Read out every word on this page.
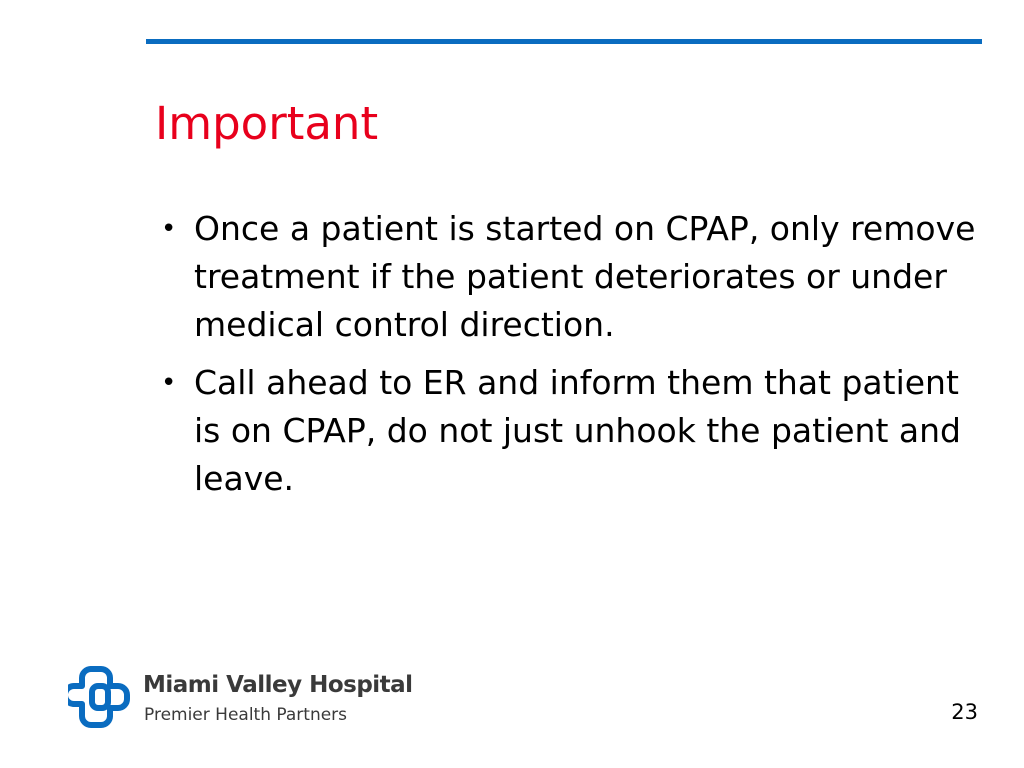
Important
• Once a patient is started on CPAP, only remove treatment if the patient deteriorates or under medical control direction.
• Call ahead to ER and inform them that patient is on CPAP, do not just unhook the patient and leave.

Miami Valley Hospital

Premier Health Partners	23
